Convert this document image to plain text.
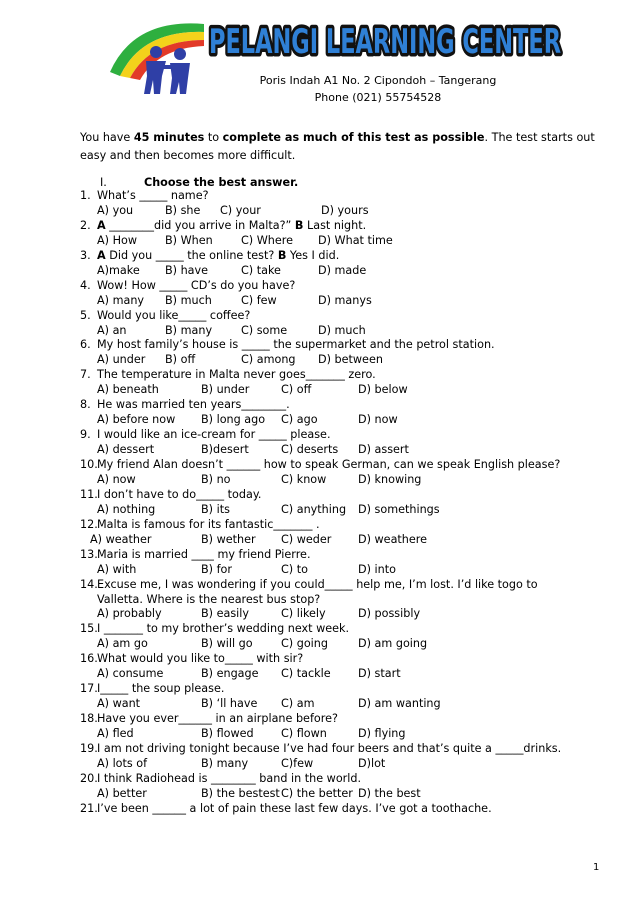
PELANGI LEARNING CENTER
PELANGI LEARNING CENTER
Poris Indah A1 No. 2 Cipondoh – Tangerang
Phone (021) 55754528
You have 45 minutes to complete as much of this test as possible. The test starts out easy and then becomes more difficult.
I.	Choose the best answer.
1. What’s _____ name?
A) you	B) she C) your	D) yours
2. A ________did you arrive in Malta?” B Last night.
A) How	B) When	C) Where D) What time
3. A Did you _____ the online test? B Yes I did.
A)make B) have	C) take	D) made
4. Wow! How _____ CD’s do you have?
A) many B) much	C) few	D) manys
5. Would you like_____ coffee?
A) an	B) many	C) some	D) much
6. My host family’s house is _____ the supermarket and the petrol station.
A) under B) off	C) among D) between
7. The temperature in Malta never goes_______ zero.
A) beneath	B) under	C) off	D) below
8. He was married ten years________.
A) before now B) long ago C) ago	D) now
9. I would like an ice-cream for _____ please.
A) dessert	B)desert	C) deserts D) assert
10. My friend Alan doesn’t ______ how to speak German, can we speak English please?
A) now	B) no	C) know	D) knowing
11. I don’t have to do_____ today.
A) nothing	B) its	C) anything D) somethings
12. Malta is famous for its fantastic_______ .
A) weather	B) wether C) weder D) weathere
13. Maria is married ____ my friend Pierre.
A) with	B) for	C) to	D) into
14. Excuse me, I was wondering if you could_____ help me, I’m lost. I’d like togo to
Valletta. Where is the nearest bus stop?
A) probably	B) easily	C) likely	D) possibly
15. I _______ to my brother’s wedding next week.
A) am go	B) will go	C) going	D) am going
16. What would you like to_____ with sir?
A) consume	B) engage C) tackle D) start
17. I_____ the soup please.
A) want	B) ‘ll have C) am	D) am wanting
18. Have you ever______ in an airplane before?
A) fled	B) flowed C) flown	D) flying
19. I am not driving tonight because I’ve had four beers and that’s quite a _____drinks.
A) lots of	B) many	C)few	D)lot
20. I think Radiohead is ________ band in the world.
A) better	B) the bestest C) the better D) the best
21. I’ve been ______ a lot of pain these last few days. I’ve got a toothache.
1
